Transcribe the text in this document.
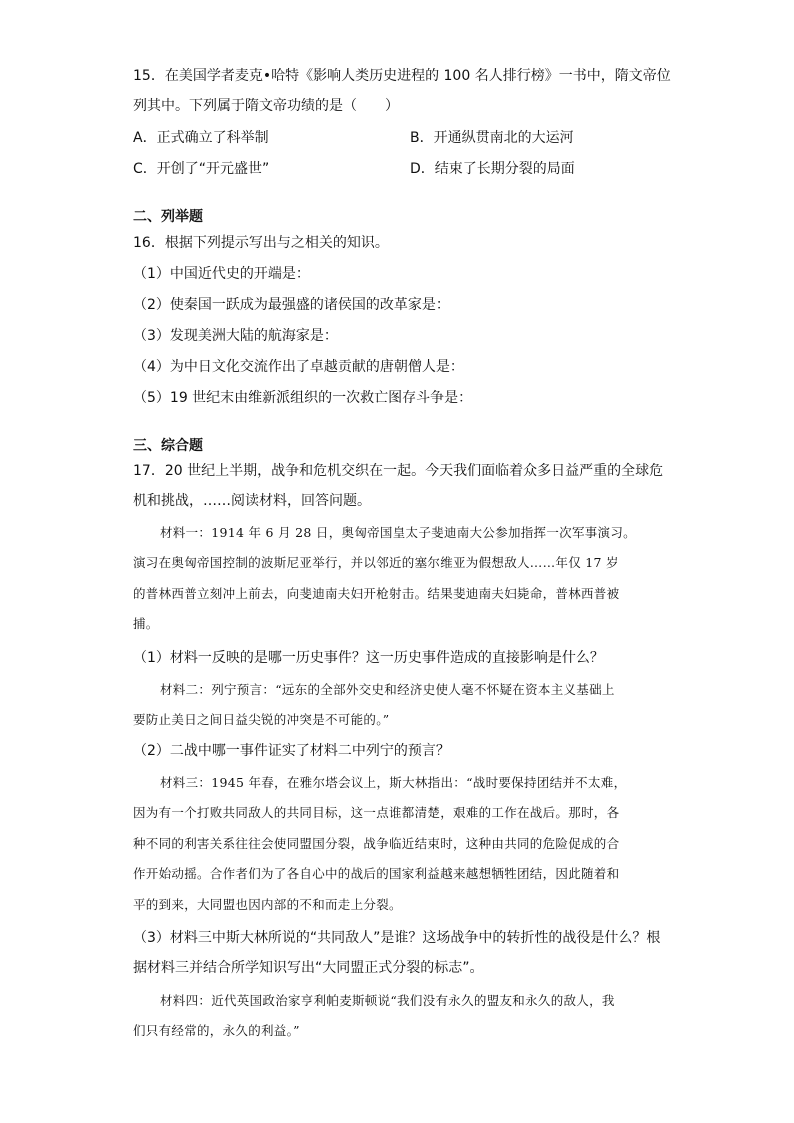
15．在美国学者麦克•哈特《影响人类历史进程的 100 名人排行榜》一书中，隋文帝位
列其中。下列属于隋文帝功绩的是（　　）
A．正式确立了科举制	B．开通纵贯南北的大运河
C．开创了“开元盛世”	D．结束了长期分裂的局面
二、列举题
16．根据下列提示写出与之相关的知识。
（1）中国近代史的开端是：
（2）使秦国一跃成为最强盛的诸侯国的改革家是：
（3）发现美洲大陆的航海家是：
（4）为中日文化交流作出了卓越贡献的唐朝僧人是：
（5）19 世纪末由维新派组织的一次救亡图存斗争是：
三、综合题
17．20 世纪上半期，战争和危机交织在一起。今天我们面临着众多日益严重的全球危
机和挑战，……阅读材料，回答问题。
材料一：1914 年 6 月 28 日，奥匈帝国皇太子斐迪南大公参加指挥一次军事演习。
演习在奥匈帝国控制的波斯尼亚举行，并以邻近的塞尔维亚为假想敌人……年仅 17 岁
的普林西普立刻冲上前去，向斐迪南夫妇开枪射击。结果斐迪南夫妇毙命，普林西普被
捕。
（1）材料一反映的是哪一历史事件？这一历史事件造成的直接影响是什么？
材料二：列宁预言：“远东的全部外交史和经济史使人毫不怀疑在资本主义基础上
要防止美日之间日益尖锐的冲突是不可能的。”
（2）二战中哪一事件证实了材料二中列宁的预言？
材料三：1945 年春，在雅尔塔会议上，斯大林指出：“战时要保持团结并不太难，
因为有一个打败共同敌人的共同目标，这一点谁都清楚，艰难的工作在战后。那时，各
种不同的利害关系往往会使同盟国分裂，战争临近结束时，这种由共同的危险促成的合
作开始动摇。合作者们为了各自心中的战后的国家利益越来越想牺牲团结，因此随着和
平的到来，大同盟也因内部的不和而走上分裂。
（3）材料三中斯大林所说的“共同敌人”是谁？这场战争中的转折性的战役是什么？根
据材料三并结合所学知识写出“大同盟正式分裂的标志”。
材料四：近代英国政治家亨利帕麦斯顿说“我们没有永久的盟友和永久的敌人，我
们只有经常的，永久的利益。”
